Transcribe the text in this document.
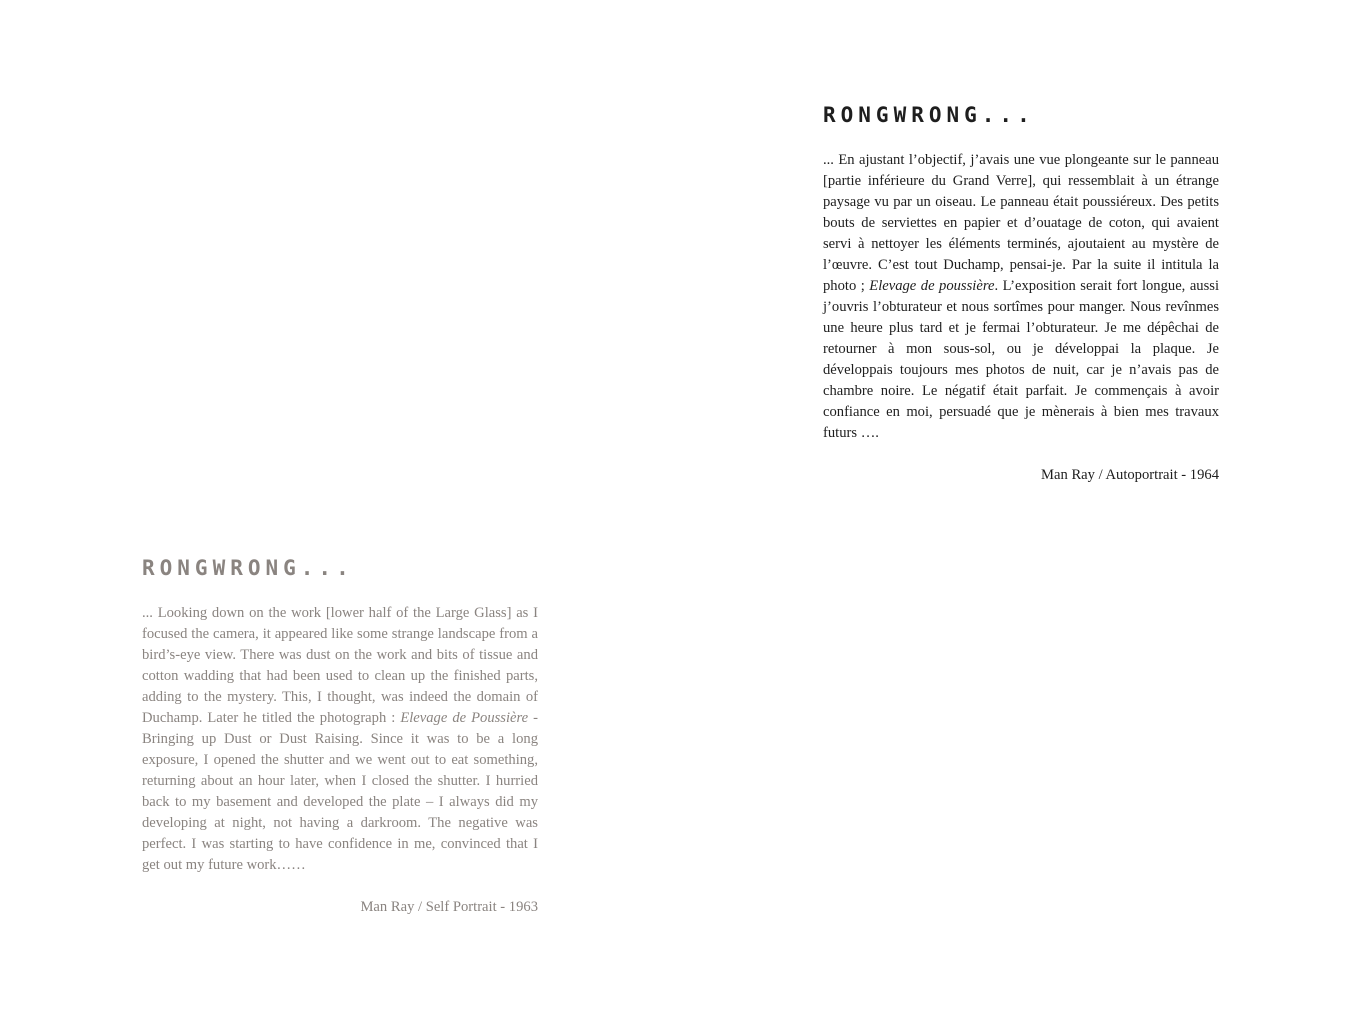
RONGWRONG...

... En ajustant l’objectif, j’avais une vue plongeante sur le panneau [partie inférieure du Grand Verre], qui ressemblait à un étrange paysage vu par un oiseau. Le panneau était poussiéreux. Des petits bouts de serviettes en papier et d’ouatage de coton, qui avaient servi à nettoyer les éléments terminés, ajoutaient au mystère de l’œuvre. C’est tout Duchamp, pensai-je. Par la suite il intitula la photo ; Elevage de poussière. L’exposition serait fort longue, aussi j’ouvris l’obturateur et nous sortîmes pour manger. Nous revînmes une heure plus tard et je fermai l’obturateur. Je me dépêchai de retourner à mon sous-sol, ou je développai la plaque. Je développais toujours mes photos de nuit, car je n’avais pas de chambre noire. Le négatif était parfait. Je commençais à avoir confiance en moi, persuadé que je mènerais à bien mes travaux futurs ….

Man Ray / Autoportrait - 1964

RONGWRONG...

... Looking down on the work [lower half of the Large Glass] as I focused the camera, it appeared like some strange landscape from a bird’s-eye view. There was dust on the work and bits of tissue and cotton wadding that had been used to clean up the finished parts, adding to the mystery. This, I thought, was indeed the domain of Duchamp. Later he titled the photograph : Elevage de Poussière - Bringing up Dust or Dust Raising. Since it was to be a long exposure, I opened the shutter and we went out to eat something, returning about an hour later, when I closed the shutter. I hurried back to my basement and developed the plate – I always did my developing at night, not having a darkroom. The negative was perfect. I was starting to have confidence in me, convinced that I get out my future work……

Man Ray / Self Portrait - 1963
